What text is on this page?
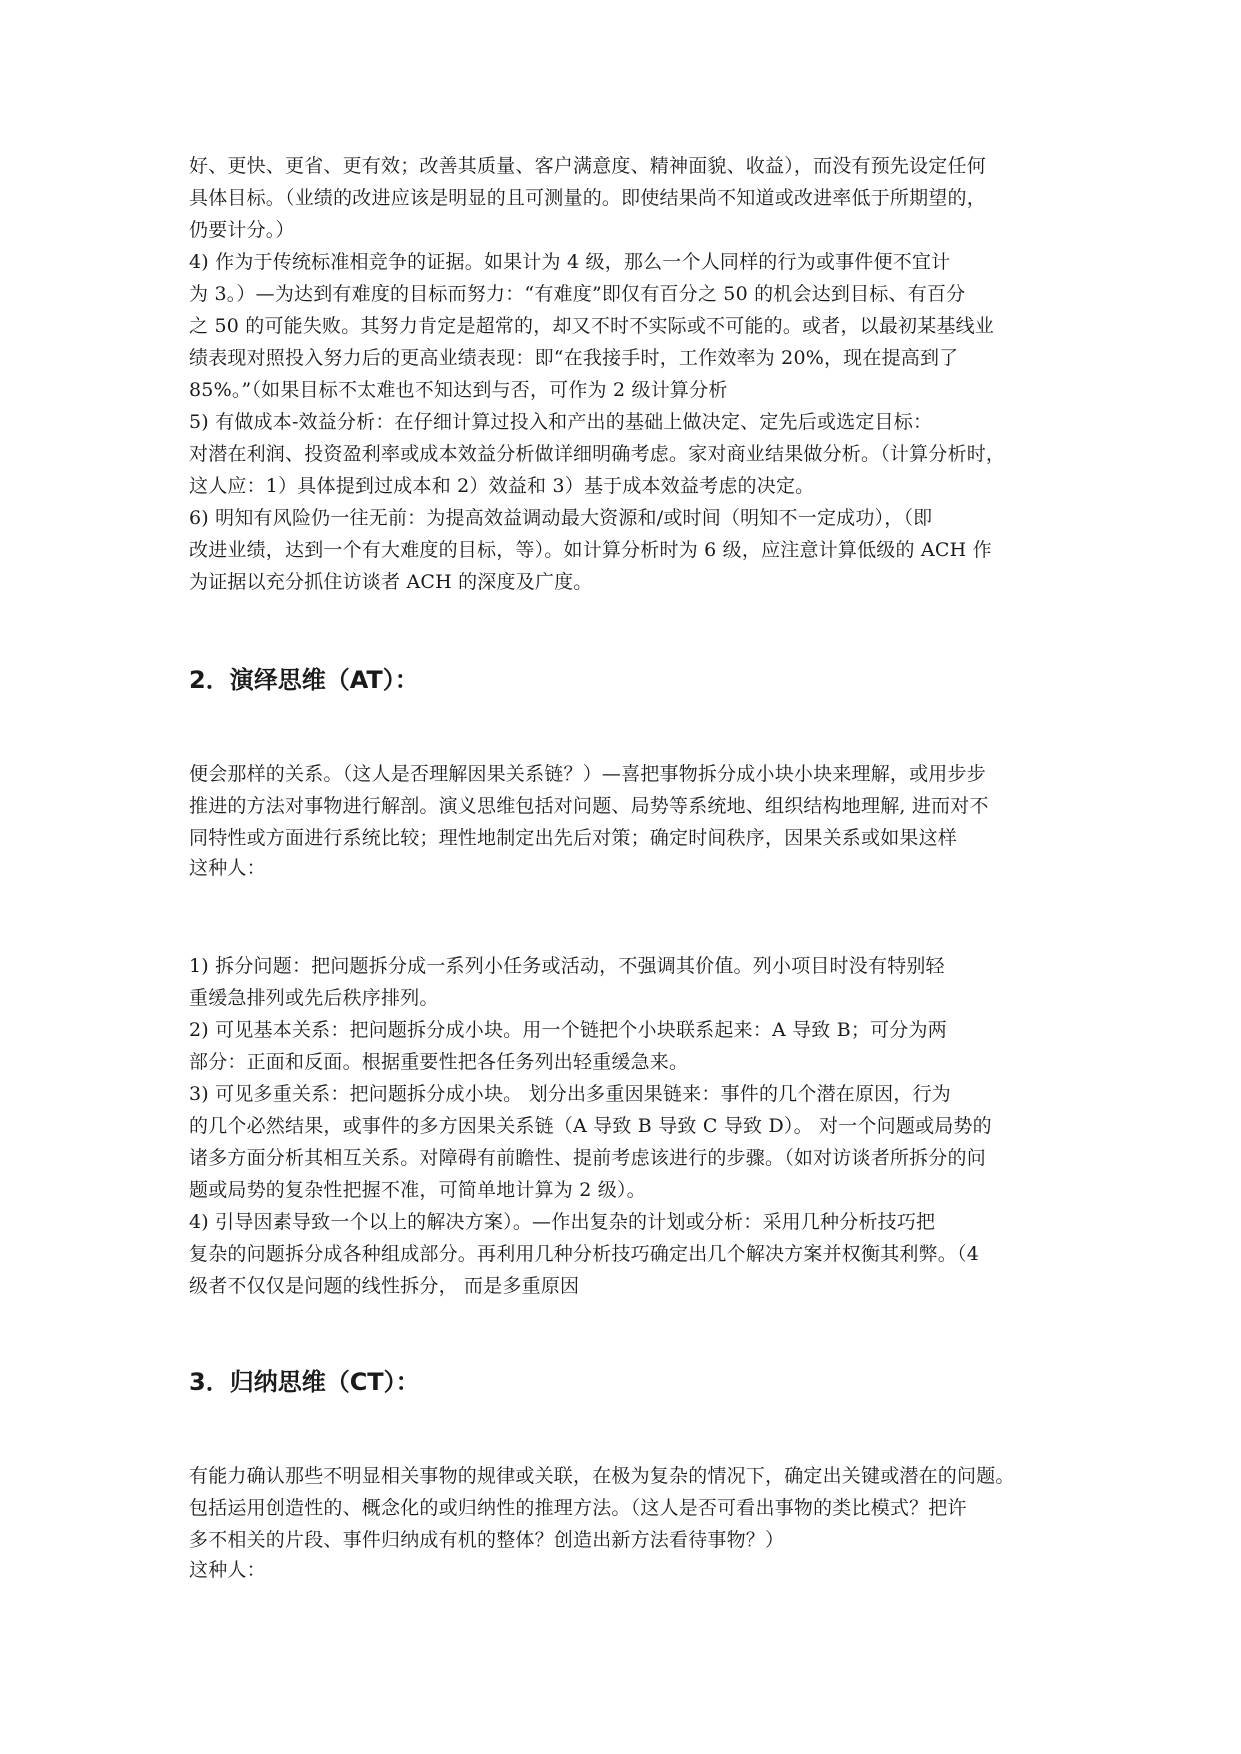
好、更快、更省、更有效；改善其质量、客户满意度、精神面貌、收益），而没有预先设定任何
具体目标。（业绩的改进应该是明显的且可测量的。即使结果尚不知道或改进率低于所期望的，
仍要计分。）
4) 作为于传统标准相竞争的证据。如果计为 4 级，那么一个人同样的行为或事件便不宜计
为 3。）—为达到有难度的目标而努力：“有难度”即仅有百分之 50 的机会达到目标、有百分
之 50 的可能失败。其努力肯定是超常的，却又不时不实际或不可能的。或者，以最初某基线业
绩表现对照投入努力后的更高业绩表现：即“在我接手时，工作效率为 20%，现在提高到了
85%。”（如果目标不太难也不知达到与否，可作为 2 级计算分析
5) 有做成本-效益分析：在仔细计算过投入和产出的基础上做决定、定先后或选定目标：
对潜在利润、投资盈利率或成本效益分析做详细明确考虑。家对商业结果做分析。（计算分析时，
这人应：1）具体提到过成本和 2）效益和 3）基于成本效益考虑的决定。
6) 明知有风险仍一往无前：为提高效益调动最大资源和/或时间（明知不一定成功），（即
改进业绩，达到一个有大难度的目标，等）。如计算分析时为 6 级，应注意计算低级的 ACH 作
为证据以充分抓住访谈者 ACH 的深度及广度。
2．演绎思维（AT）：
便会那样的关系。（这人是否理解因果关系链？）—喜把事物拆分成小块小块来理解，或用步步
推进的方法对事物进行解剖。演义思维包括对问题、局势等系统地、组织结构地理解, 进而对不
同特性或方面进行系统比较；理性地制定出先后对策；确定时间秩序，因果关系或如果这样
这种人：
1) 拆分问题：把问题拆分成一系列小任务或活动，不强调其价值。列小项目时没有特别轻
重缓急排列或先后秩序排列。
2) 可见基本关系：把问题拆分成小块。用一个链把个小块联系起来：A 导致 B；可分为两
部分：正面和反面。根据重要性把各任务列出轻重缓急来。
3) 可见多重关系：把问题拆分成小块。 划分出多重因果链来：事件的几个潜在原因，行为
的几个必然结果，或事件的多方因果关系链（A 导致 B 导致 C 导致 D）。 对一个问题或局势的
诸多方面分析其相互关系。对障碍有前瞻性、提前考虑该进行的步骤。（如对访谈者所拆分的问
题或局势的复杂性把握不准，可简单地计算为 2 级）。
4) 引导因素导致一个以上的解决方案）。—作出复杂的计划或分析：采用几种分析技巧把
复杂的问题拆分成各种组成部分。再利用几种分析技巧确定出几个解决方案并权衡其利弊。（4
级者不仅仅是问题的线性拆分， 而是多重原因
3．归纳思维（CT）：
有能力确认那些不明显相关事物的规律或关联，在极为复杂的情况下，确定出关键或潜在的问题。
包括运用创造性的、概念化的或归纳性的推理方法。（这人是否可看出事物的类比模式？把许
多不相关的片段、事件归纳成有机的整体？创造出新方法看待事物？）
这种人：
